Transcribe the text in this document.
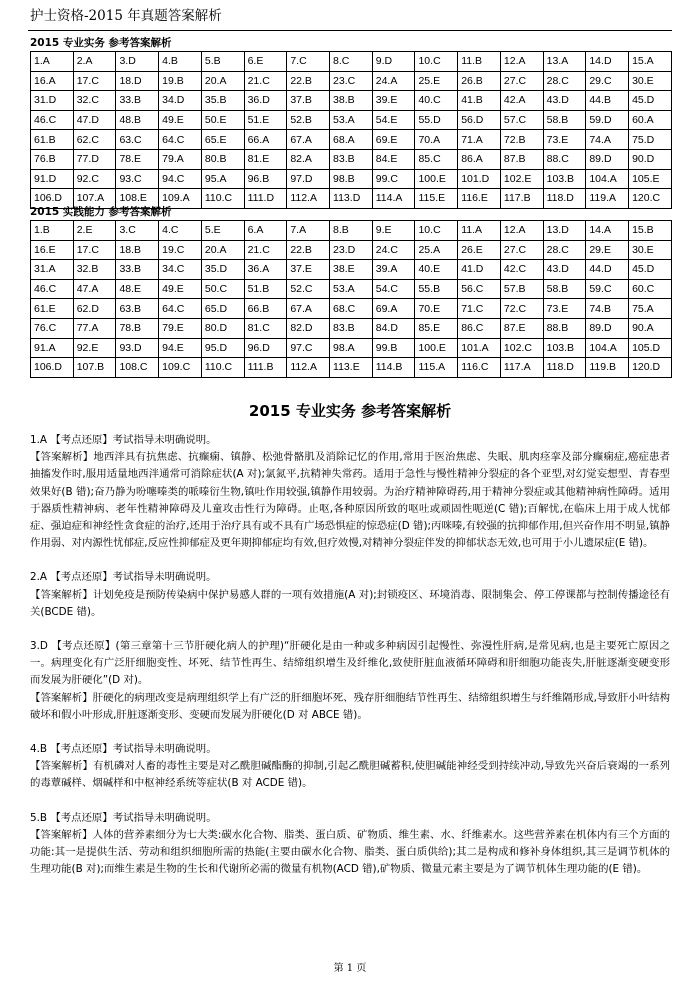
护士资格-2015 年真题答案解析
2015 专业实务 参考答案解析
1.A	2.A	3.D	4.B	5.B	6.E	7.C	8.C	9.D	10.C	11.B	12.A	13.A	14.D	15.A
16.A	17.C	18.D	19.B	20.A	21.C	22.B	23.C	24.A	25.E	26.B	27.C	28.C	29.C	30.E
31.D	32.C	33.B	34.D	35.B	36.D	37.B	38.B	39.E	40.C	41.B	42.A	43.D	44.B	45.D
46.C	47.D	48.B	49.E	50.E	51.E	52.B	53.A	54.E	55.D	56.D	57.C	58.B	59.D	60.A
61.B	62.C	63.C	64.C	65.E	66.A	67.A	68.A	69.E	70.A	71.A	72.B	73.E	74.A	75.D
76.B	77.D	78.E	79.A	80.B	81.E	82.A	83.B	84.E	85.C	86.A	87.B	88.C	89.D	90.D
91.D	92.C	93.C	94.C	95.A	96.B	97.D	98.B	99.C	100.E	101.D	102.E	103.B	104.A	105.E
106.D	107.A	108.E	109.A	110.C	111.D	112.A	113.D	114.A	115.E	116.E	117.B	118.D	119.A	120.C
2015 实践能力 参考答案解析
1.B	2.E	3.C	4.C	5.E	6.A	7.A	8.B	9.E	10.C	11.A	12.A	13.D	14.A	15.B
16.E	17.C	18.B	19.C	20.A	21.C	22.B	23.D	24.C	25.A	26.E	27.C	28.C	29.E	30.E
31.A	32.B	33.B	34.C	35.D	36.A	37.E	38.E	39.A	40.E	41.D	42.C	43.D	44.D	45.D
46.C	47.A	48.E	49.E	50.C	51.B	52.C	53.A	54.C	55.B	56.C	57.B	58.B	59.C	60.C
61.E	62.D	63.B	64.C	65.D	66.B	67.A	68.C	69.A	70.E	71.C	72.C	73.E	74.B	75.A
76.C	77.A	78.B	79.E	80.D	81.C	82.D	83.B	84.D	85.E	86.C	87.E	88.B	89.D	90.A
91.A	92.E	93.D	94.E	95.D	96.D	97.C	98.A	99.B	100.E	101.A	102.C	103.B	104.A	105.D
106.D	107.B	108.C	109.C	110.C	111.B	112.A	113.E	114.B	115.A	116.C	117.A	118.D	119.B	120.D
2015 专业实务 参考答案解析

1.A 【考点还原】考试指导未明确说明。

【答案解析】地西泮具有抗焦虑、抗癫痫、镇静、松弛骨骼肌及消除记忆的作用,常用于医治焦虑、失眠、肌肉痉挛及部分癫痫症,癌症患者抽搐发作时,服用适量地西泮通常可消除症状(A 对);氯氮平,抗精神失常药。适用于急性与慢性精神分裂症的各个亚型,对幻觉妄想型、青春型效果好(B 错);奋乃静为吩噻嗪类的哌嗪衍生物,镇吐作用较强,镇静作用较弱。为治疗精神障碍药,用于精神分裂症或其他精神病性障碍。适用于器质性精神病、老年性精神障碍及儿童攻击性行为障碍。止呕,各种原因所致的呕吐或顽固性呃逆(C 错);百解忧,在临床上用于成人忧郁症、强迫症和神经性贪食症的治疗,还用于治疗具有或不具有广场恐惧症的惊恐症(D 错);丙咪嗪,有较强的抗抑郁作用,但兴奋作用不明显,镇静作用弱、对内源性忧郁症,反应性抑郁症及更年期抑郁症均有效,但疗效慢,对精神分裂症伴发的抑郁状态无效,也可用于小儿遗尿症(E 错)。

2.A 【考点还原】考试指导未明确说明。

【答案解析】计划免疫是预防传染病中保护易感人群的一项有效措施(A 对);封锁疫区、环境消毒、限制集会、停工停课都与控制传播途径有关(BCDE 错)。

3.D 【考点还原】(第三章第十三节肝硬化病人的护理)“肝硬化是由一种或多种病因引起慢性、弥漫性肝病,是常见病,也是主要死亡原因之一。病理变化有广泛肝细胞变性、坏死、结节性再生、结缔组织增生及纤维化,致使肝脏血液循环障碍和肝细胞功能丧失,肝脏逐渐变硬变形而发展为肝硬化”(D 对)。

【答案解析】肝硬化的病理改变是病理组织学上有广泛的肝细胞坏死、残存肝细胞结节性再生、结缔组织增生与纤维隔形成,导致肝小叶结构破坏和假小叶形成,肝脏逐渐变形、变硬而发展为肝硬化(D 对 ABCE 错)。

4.B 【考点还原】考试指导未明确说明。

【答案解析】有机磷对人畜的毒性主要是对乙酰胆碱酯酶的抑制,引起乙酰胆碱蓄积,使胆碱能神经受到持续冲动,导致先兴奋后衰竭的一系列的毒蕈碱样、烟碱样和中枢神经系统等症状(B 对 ACDE 错)。

5.B 【考点还原】考试指导未明确说明。

【答案解析】人体的营养素细分为七大类:碳水化合物、脂类、蛋白质、矿物质、维生素、水、纤维素水。这些营养素在机体内有三个方面的功能:其一是提供生活、劳动和组织细胞所需的热能(主要由碳水化合物、脂类、蛋白质供给);其二是构成和修补身体组织,其三是调节机体的生理功能(B 对);而维生素是生物的生长和代谢所必需的微量有机物(ACD 错),矿物质、微量元素主要是为了调节机体生理功能的(E 错)。

第 1 页
